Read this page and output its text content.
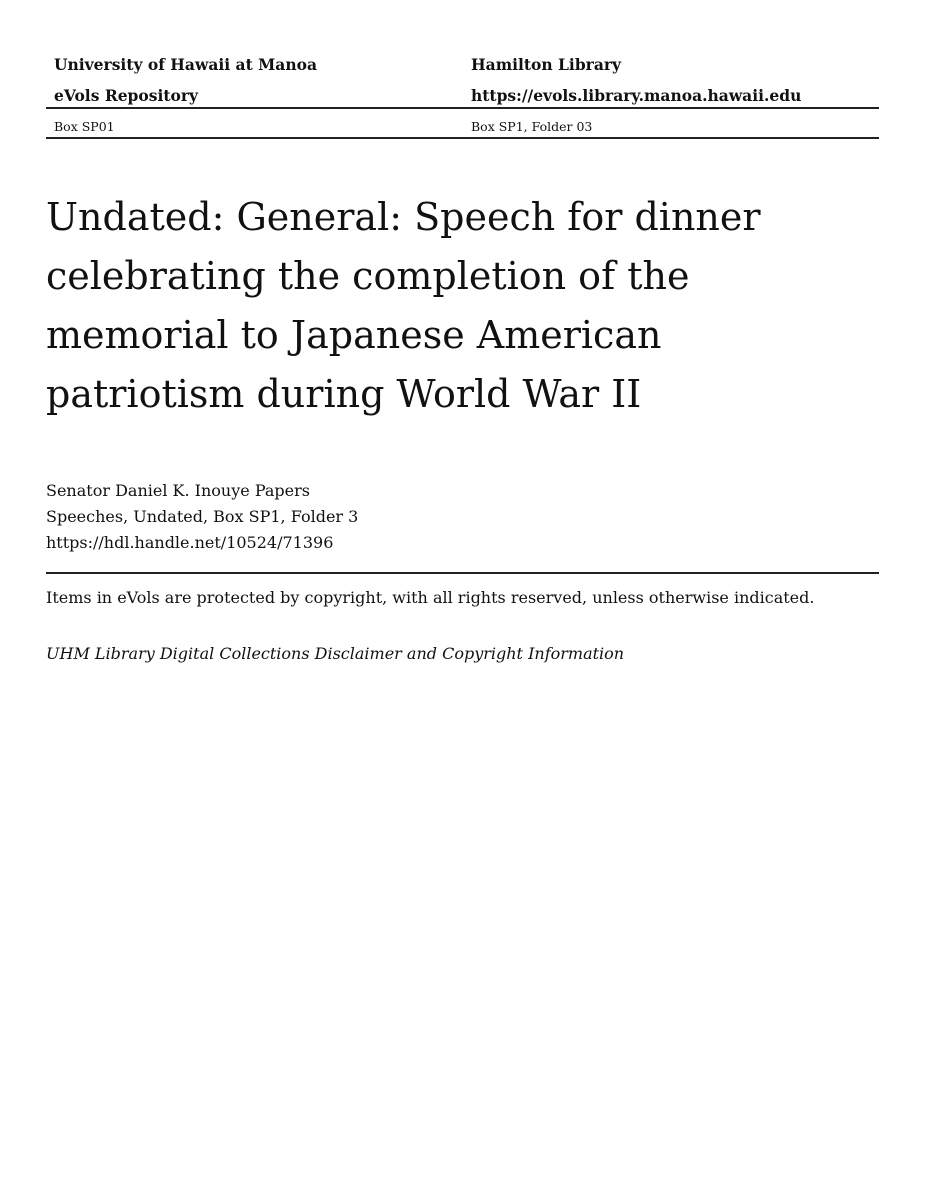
University of Hawaii at Manoa	Hamilton Library
eVols Repository	https://evols.library.manoa.hawaii.edu
Box SP01	Box SP1, Folder 03
Undated: General: Speech for dinner
celebrating the completion of the
memorial to Japanese American
patriotism during World War II
Senator Daniel K. Inouye Papers
Speeches, Undated, Box SP1, Folder 3
https://hdl.handle.net/10524/71396
Items in eVols are protected by copyright, with all rights reserved, unless otherwise indicated.
UHM Library Digital Collections Disclaimer and Copyright Information
